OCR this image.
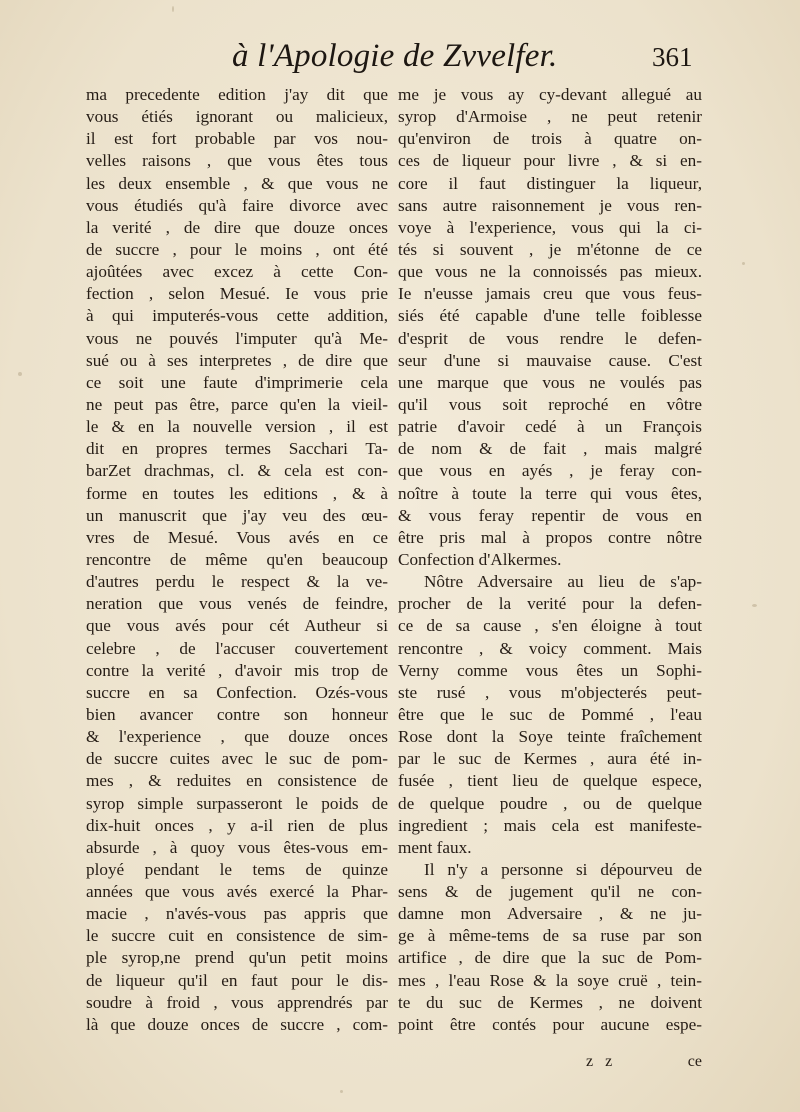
à l'Apologie de Zvvelfer.	361
ma precedente edition j'ay dit que
vous étiés ignorant ou malicieux,
il est fort probable par vos nou-
velles raisons , que vous êtes tous
les deux ensemble , & que vous ne
vous étudiés qu'à faire divorce avec
la verité , de dire que douze onces
de succre , pour le moins , ont été
ajoûtées avec excez à cette Con-
fection , selon Mesué. Ie vous prie
à qui imputerés-vous cette addition,
vous ne pouvés l'imputer qu'à Me-
sué ou à ses interpretes , de dire que
ce soit une faute d'imprimerie cela
ne peut pas être, parce qu'en la vieil-
le & en la nouvelle version , il est
dit en propres termes Sacchari Ta-
barZet drachmas, cl. & cela est con-
forme en toutes les editions , & à
un manuscrit que j'ay veu des œu-
vres de Mesué. Vous avés en ce
rencontre de même qu'en beaucoup
d'autres perdu le respect & la ve-
neration que vous venés de feindre,
que vous avés pour cét Autheur si
celebre , de l'accuser couvertement
contre la verité , d'avoir mis trop de
succre en sa Confection. Ozés-vous
bien avancer contre son honneur
& l'experience , que douze onces
de succre cuites avec le suc de pom-
mes , & reduites en consistence de
syrop simple surpasseront le poids de
dix-huit onces , y a-il rien de plus
absurde , à quoy vous êtes-vous em-
ployé pendant le tems de quinze
années que vous avés exercé la Phar-
macie , n'avés-vous pas appris que
le succre cuit en consistence de sim-
ple syrop,ne prend qu'un petit moins
de liqueur qu'il en faut pour le dis-
soudre à froid , vous apprendrés par
là que douze onces de succre , com-
me je vous ay cy-devant allegué au
syrop d'Armoise , ne peut retenir
qu'environ de trois à quatre on-
ces de liqueur pour livre , & si en-
core il faut distinguer la liqueur,
sans autre raisonnement je vous ren-
voye à l'experience, vous qui la ci-
tés si souvent , je m'étonne de ce
que vous ne la connoissés pas mieux.
Ie n'eusse jamais creu que vous feus-
siés été capable d'une telle foiblesse
d'esprit de vous rendre le defen-
seur d'une si mauvaise cause. C'est
une marque que vous ne voulés pas
qu'il vous soit reproché en vôtre
patrie d'avoir cedé à un François
de nom & de fait , mais malgré
que vous en ayés , je feray con-
noître à toute la terre qui vous êtes,
& vous feray repentir de vous en
être pris mal à propos contre nôtre
Confection d'Alkermes.
Nôtre Adversaire au lieu de s'ap-
procher de la verité pour la defen-
ce de sa cause , s'en éloigne à tout
rencontre , & voicy comment. Mais
Verny comme vous êtes un Sophi-
ste rusé , vous m'objecterés peut-
être que le suc de Pommé , l'eau
Rose dont la Soye teinte fraîchement
par le suc de Kermes , aura été in-
fusée , tient lieu de quelque espece,
de quelque poudre , ou de quelque
ingredient ; mais cela est manifeste-
ment faux.
Il n'y a personne si dépourveu de
sens & de jugement qu'il ne con-
damne mon Adversaire , & ne ju-
ge à même-tems de sa ruse par son
artifice , de dire que la suc de Pom-
mes , l'eau Rose & la soye cruë , tein-
te du suc de Kermes , ne doivent
point être contés pour aucune espe-
z z	ce
